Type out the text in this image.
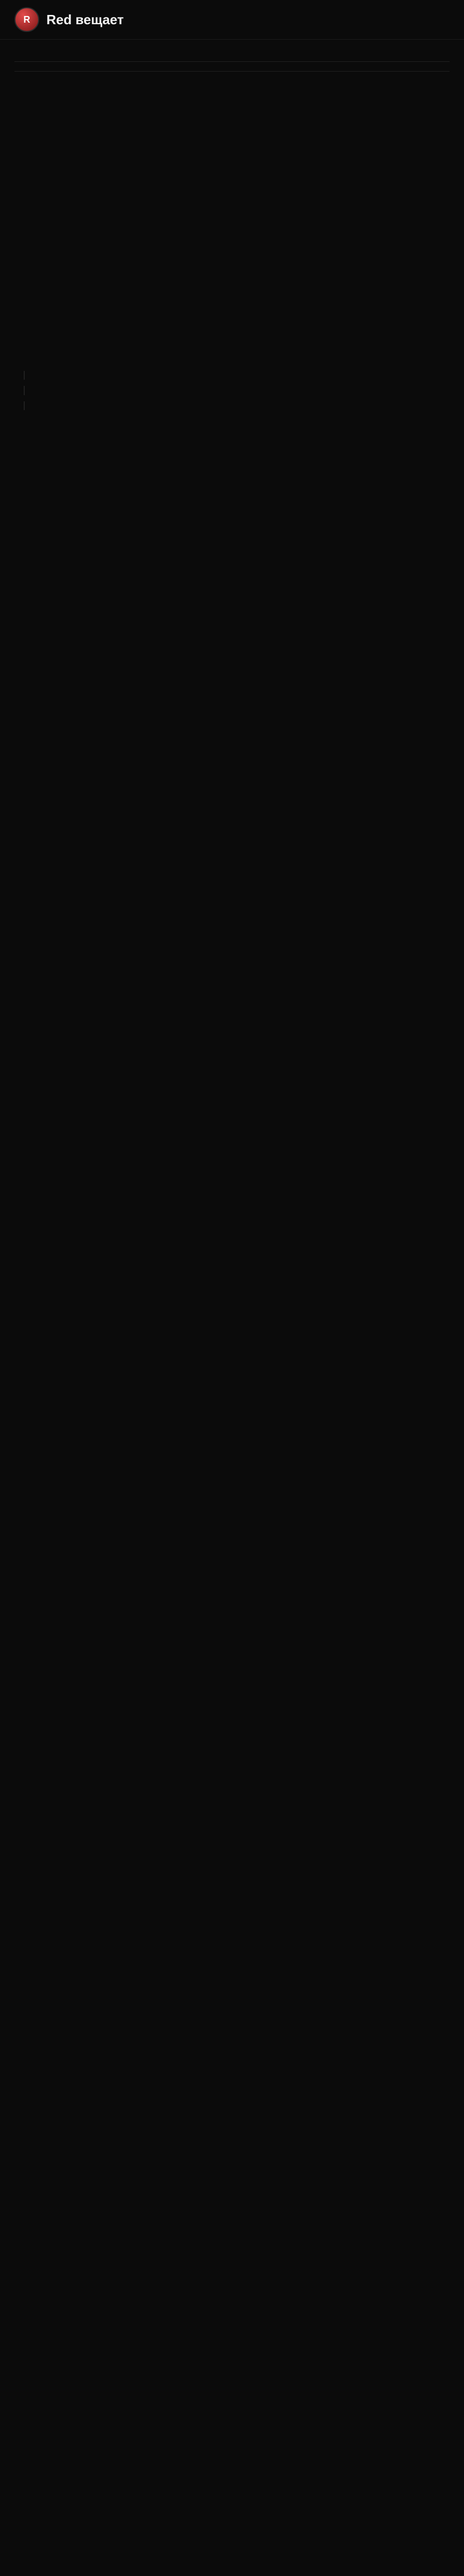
R	Red вещает
